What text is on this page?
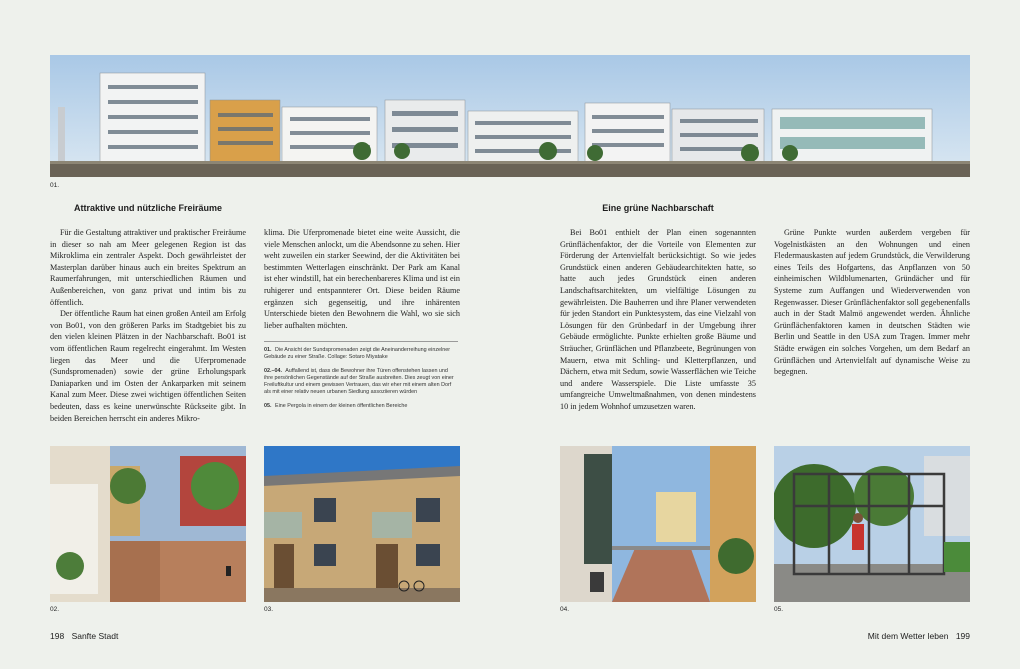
01.
Attraktive und nützliche Freiräume

Für die Gestaltung attraktiver und praktischer Freiräume in dieser so nah am Meer gelegenen Region ist das Mikroklima ein zentraler Aspekt. Doch gewährleistet der Masterplan darüber hinaus auch ein breites Spektrum an Raumerfahrungen, mit unterschiedlichen Räumen und Außenbereichen, von ganz privat und intim bis zu öffentlich.

Der öffentliche Raum hat einen großen Anteil am Erfolg von Bo01, von den größeren Parks im Stadtgebiet bis zu den vielen kleinen Plätzen in der Nachbarschaft. Bo01 ist vom öffentlichen Raum regelrecht eingerahmt. Im Westen liegen das Meer und die Uferpromenade (Sundspromenaden) sowie der grüne Erholungspark Daniaparken und im Osten der Ankarparken mit seinem Kanal zum Meer. Diese zwei wichtigen öffentlichen Seiten bedeuten, dass es keine unerwünschte Rückseite gibt. In beiden Bereichen herrscht ein anderes Mikro-

klima. Die Uferpromenade bietet eine weite Aussicht, die viele Menschen anlockt, um die Abendsonne zu sehen. Hier weht zuweilen ein starker Seewind, der die Aktivitäten bei bestimmten Wetterlagen einschränkt. Der Park am Kanal ist eher windstill, hat ein berechenbareres Klima und ist ein ruhigerer und entspannterer Ort. Diese beiden Räume ergänzen sich gegenseitig, und ihre inhärenten Unterschiede bieten den Bewohnern die Wahl, wo sie sich lieber aufhalten möchten.

01. Die Ansicht der Sundspromenaden zeigt die Aneinanderreihung einzelner Gebäude zu einer Straße. Collage: Sotaro Miyatake
02.–04. Auffallend ist, dass die Bewohner ihre Türen offenstehen lassen und ihre persönlichen Gegenstände auf der Straße ausbreiten. Dies zeugt von einer Freiluftkultur und einem gewissen Vertrauen, das wir eher mit einem alten Dorf als mit einer relativ neuen urbanen Siedlung assoziieren würden
05. Eine Pergola in einem der kleinen öffentlichen Bereiche
Eine grüne Nachbarschaft

Bei Bo01 enthielt der Plan einen sogenannten Grünflächenfaktor, der die Vorteile von Elementen zur Förderung der Artenvielfalt berücksichtigt. So wie jedes Grundstück einen anderen Gebäudearchitekten hatte, so hatte auch jedes Grundstück einen anderen Landschaftsarchitekten, um vielfältige Lösungen zu gewährleisten. Die Bauherren und ihre Planer verwendeten für jeden Standort ein Punktesystem, das eine Vielzahl von Lösungen für den Grünbedarf in der Umgebung ihrer Gebäude ermöglichte. Punkte erhielten große Bäume und Sträucher, Grünflächen und Pflanzbeete, Begrünungen von Mauern, etwa mit Schling- und Kletterpflanzen, und Dächern, etwa mit Sedum, sowie Wasserflächen wie Teiche und andere Wasserspiele. Die Liste umfasste 35 umfangreiche Umweltmaßnahmen, von denen mindestens 10 in jedem Wohnhof umzusetzen waren.

Grüne Punkte wurden außerdem vergeben für Vogelnistkästen an den Wohnungen und einen Fledermauskasten auf jedem Grundstück, die Verwilderung eines Teils des Hofgartens, das Anpflanzen von 50 einheimischen Wildblumenarten, Gründächer und für Systeme zum Auffangen und Wiederverwenden von Regenwasser. Dieser Grünflächenfaktor soll gegebenenfalls auch in der Stadt Malmö angewendet werden. Ähnliche Grünflächenfaktoren kamen in deutschen Städten wie Berlin und Seattle in den USA zum Tragen. Immer mehr Städte erwägen ein solches Vorgehen, um dem Bedarf an Grünflächen und Artenvielfalt auf dynamische Weise zu begegnen.

02.	03.	04.	05.
198 Sanfte Stadt	Mit dem Wetter leben 199
